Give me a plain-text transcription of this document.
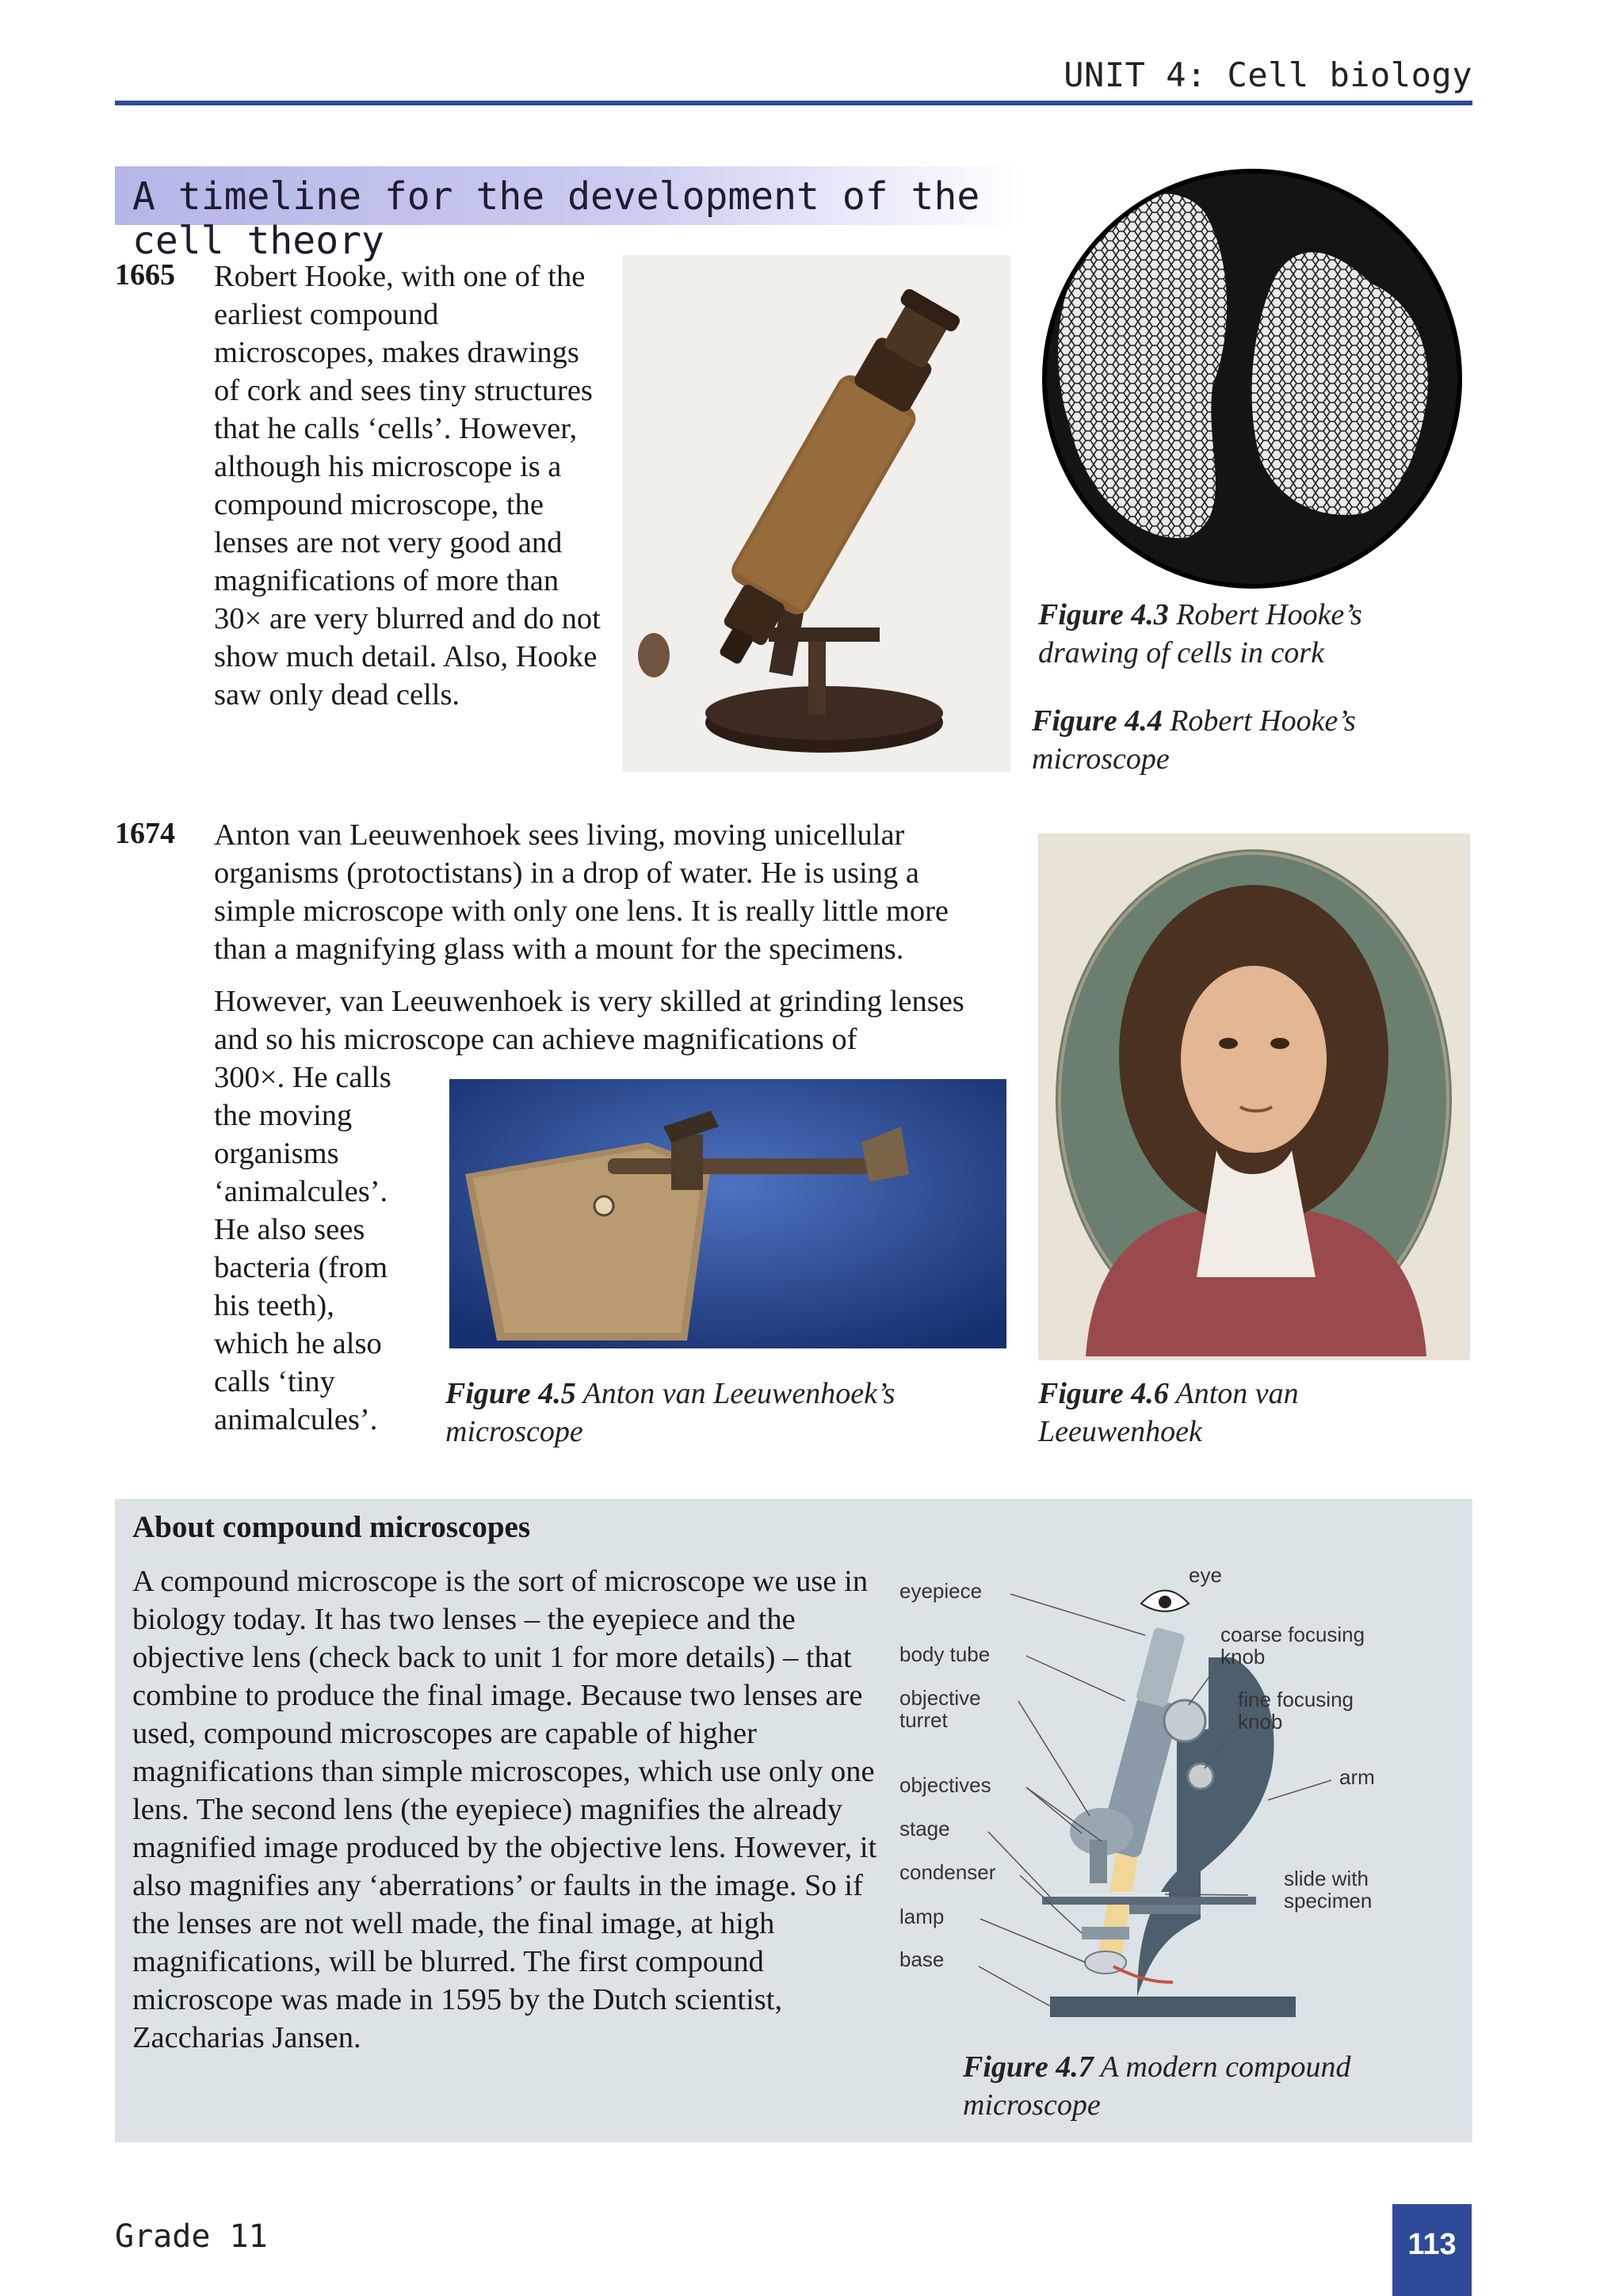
UNIT 4: Cell biology
A timeline for the development of the cell theory
1665 Robert Hooke, with one of the earliest compound microscopes, makes drawings of cork and sees tiny structures that he calls ‘cells’. However, although his microscope is a compound microscope, the lenses are not very good and magnifications of more than 30× are very blurred and do not show much detail. Also, Hooke saw only dead cells.
Figure 4.3 Robert Hooke’s drawing of cells in cork
Figure 4.4 Robert Hooke’s microscope
1674 Anton van Leeuwenhoek sees living, moving unicellular organisms (protoctistans) in a drop of water. He is using a simple microscope with only one lens. It is really little more than a magnifying glass with a mount for the specimens.
However, van Leeuwenhoek is very skilled at grinding lenses and so his microscope can achieve magnifications of
300×. He calls the moving organisms ‘animalcules’. He also sees bacteria (from his teeth), which he also calls ‘tiny animalcules’.
Figure 4.5 Anton van Leeuwenhoek’s microscope
Figure 4.6 Anton van Leeuwenhoek
About compound microscopes
A compound microscope is the sort of microscope we use in biology today. It has two lenses – the eyepiece and the objective lens (check back to unit 1 for more details) – that combine to produce the final image. Because two lenses are used, compound microscopes are capable of higher magnifications than simple microscopes, which use only one lens. The second lens (the eyepiece) magnifies the already magnified image produced by the objective lens. However, it also magnifies any ‘aberrations’ or faults in the image. So if the lenses are not well made, the final image, at high magnifications, will be blurred. The first compound microscope was made in 1595 by the Dutch scientist, Zaccharias Jansen.
eye
eyepiece
body tube
objective
turret
objectives
stage
condenser
lamp
base
coarse focusing
knob
fine focusing
knob
arm
slide with
specimen
Figure 4.7 A modern compound microscope
Grade 11	113
